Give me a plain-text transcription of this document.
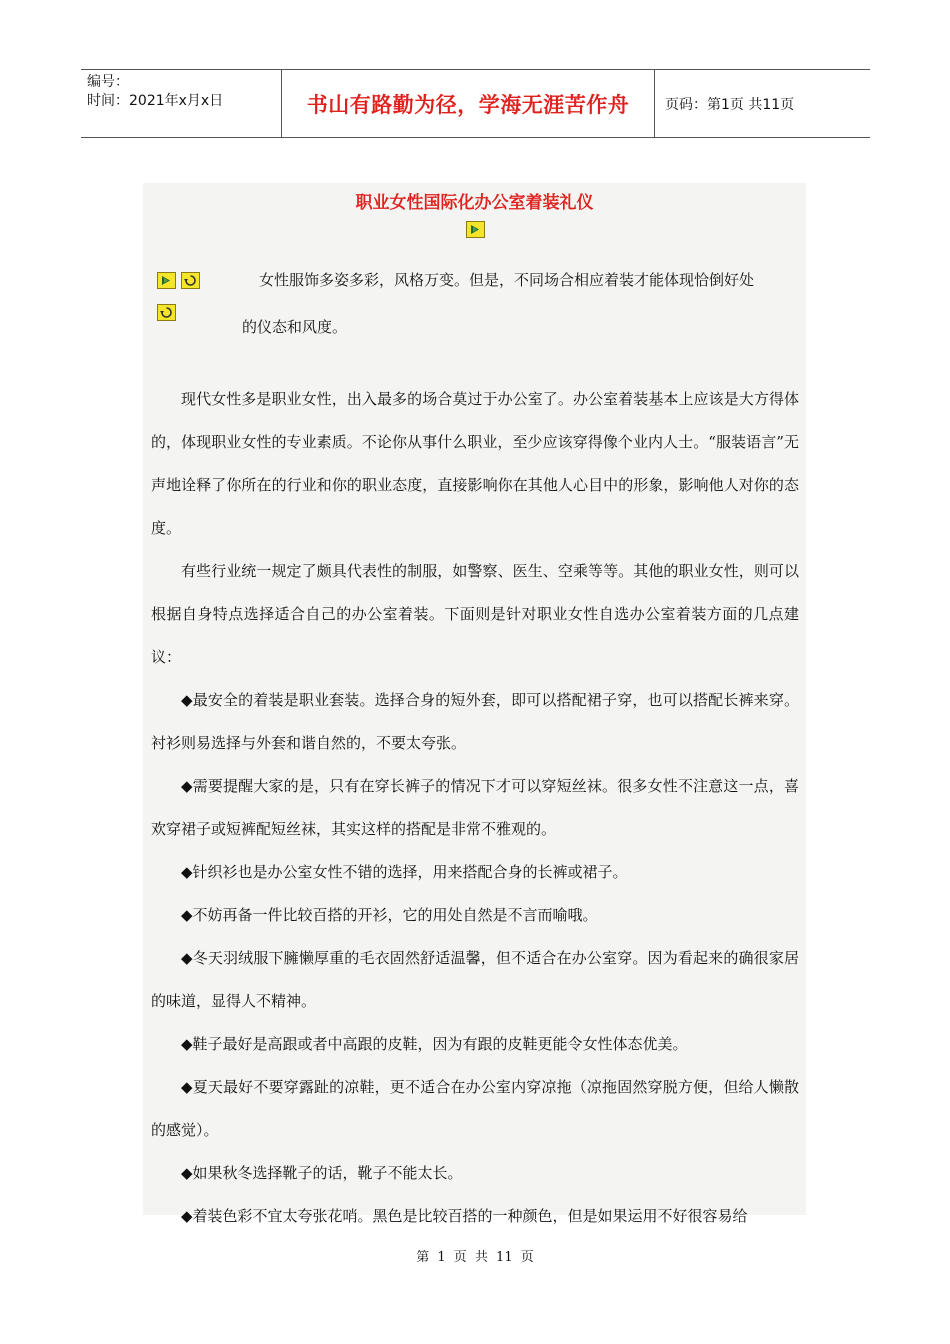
编号：
时间：2021年x月x日	书山有路勤为径，学海无涯苦作舟	页码：第1页 共11页
职业女性国际化办公室着装礼仪

女性服饰多姿多彩，风格万变。但是，不同场合相应着装才能体现恰倒好处

的仪态和风度。

现代女性多是职业女性，出入最多的场合莫过于办公室了。办公室着装基本上应该是大方得体的，体现职业女性的专业素质。不论你从事什么职业，至少应该穿得像个业内人士。“服装语言”无声地诠释了你所在的行业和你的职业态度，直接影响你在其他人心目中的形象，影响他人对你的态度。

有些行业统一规定了颇具代表性的制服，如警察、医生、空乘等等。其他的职业女性，则可以根据自身特点选择适合自己的办公室着装。下面则是针对职业女性自选办公室着装方面的几点建议：

◆最安全的着装是职业套装。选择合身的短外套，即可以搭配裙子穿，也可以搭配长裤来穿。衬衫则易选择与外套和谐自然的，不要太夸张。

◆需要提醒大家的是，只有在穿长裤子的情况下才可以穿短丝袜。很多女性不注意这一点，喜欢穿裙子或短裤配短丝袜，其实这样的搭配是非常不雅观的。

◆针织衫也是办公室女性不错的选择，用来搭配合身的长裤或裙子。

◆不妨再备一件比较百搭的开衫，它的用处自然是不言而喻哦。

◆冬天羽绒服下臃懒厚重的毛衣固然舒适温馨，但不适合在办公室穿。因为看起来的确很家居的味道，显得人不精神。

◆鞋子最好是高跟或者中高跟的皮鞋，因为有跟的皮鞋更能令女性体态优美。

◆夏天最好不要穿露趾的凉鞋，更不适合在办公室内穿凉拖（凉拖固然穿脱方便，但给人懒散的感觉）。

◆如果秋冬选择靴子的话，靴子不能太长。

◆着装色彩不宜太夸张花哨。黑色是比较百搭的一种颜色，但是如果运用不好很容易给

第 1 页 共 11 页
